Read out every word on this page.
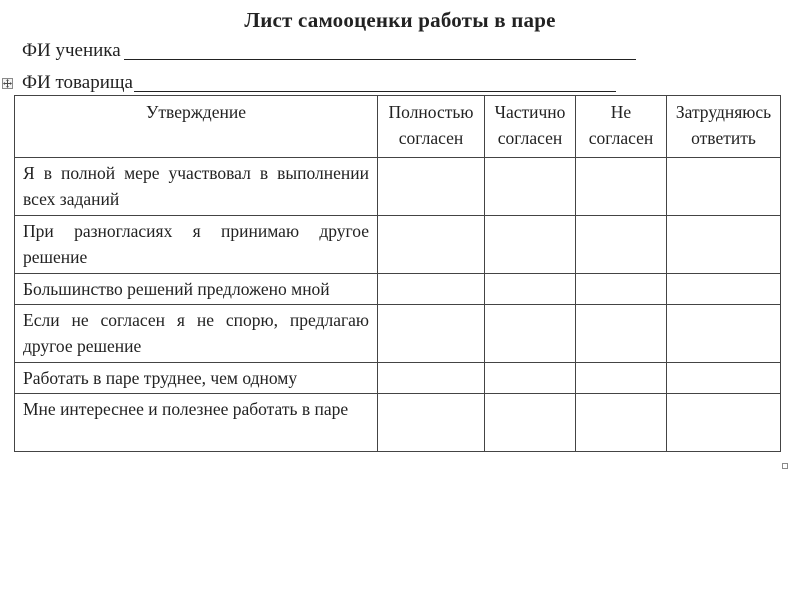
Лист самооценки работы в паре
ФИ ученика
ФИ товарища
Утверждение	Полностью согласен	Частично согласен	Не согласен	Затрудняюсь ответить
Я в полной мере участвовал в выполнении всех заданий				
При разногласиях я принимаю другое решение				
Большинство решений предложено мной				
Если не согласен я не спорю, предлагаю другое решение				
Работать в паре труднее, чем одному				
Мне интереснее и полезнее работать в паре				
